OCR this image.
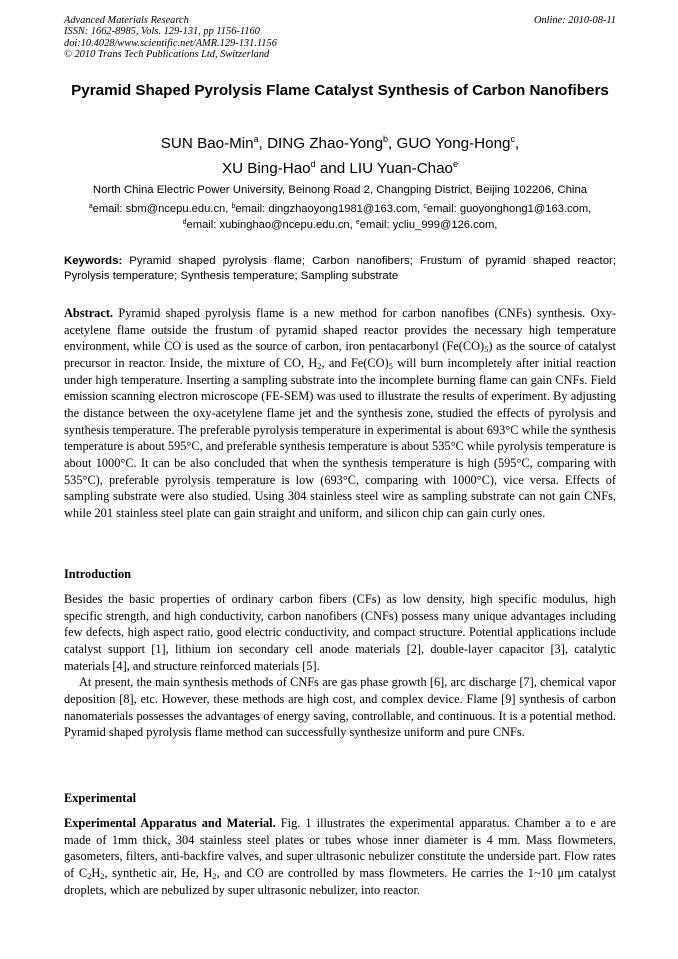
Advanced Materials Research
ISSN: 1662-8985, Vols. 129-131, pp 1156-1160
doi:10.4028/www.scientific.net/AMR.129-131.1156
© 2010 Trans Tech Publications Ltd, Switzerland
Online: 2010-08-11
Pyramid Shaped Pyrolysis Flame Catalyst Synthesis of Carbon Nanofibers
SUN Bao-Min$^a$, DING Zhao-Yong$^b$, GUO Yong-Hong$^c$,
XU Bing-Hao$^d$ and LIU Yuan-Chao$^e$
North China Electric Power University, Beinong Road 2, Changping District, Beijing 102206, China
$^a$email: sbm@ncepu.edu.cn, $^b$email: dingzhaoyong1981@163.com, $^c$email: guoyonghong1@163.com,
$^d$email: xubinghao@ncepu.edu.cn, $^e$email: ycliu_999@126.com,
Keywords: Pyramid shaped pyrolysis flame; Carbon nanofibers; Frustum of pyramid shaped reactor; Pyrolysis temperature; Synthesis temperature; Sampling substrate

Abstract. Pyramid shaped pyrolysis flame is a new method for carbon nanofibes (CNFs) synthesis. Oxy-acetylene flame outside the frustum of pyramid shaped reactor provides the necessary high temperature environment, while CO is used as the source of carbon, iron pentacarbonyl $(Fe(CO)_5)$ as the source of catalyst precursor in reactor. Inside, the mixture of CO, $H_2$, and $Fe(CO)_5$ will burn incompletely after initial reaction under high temperature. Inserting a sampling substrate into the incomplete burning flame can gain CNFs. Field emission scanning electron microscope (FE-SEM) was used to illustrate the results of experiment. By adjusting the distance between the oxy-acetylene flame jet and the synthesis zone, studied the effects of pyrolysis and synthesis temperature. The preferable pyrolysis temperature in experimental is about 693°C while the synthesis temperature is about 595°C, and preferable synthesis temperature is about 535°C while pyrolysis temperature is about 1000°C. It can be also concluded that when the synthesis temperature is high (595°C, comparing with 535°C), preferable pyrolysis temperature is low (693°C, comparing with 1000°C), vice versa. Effects of sampling substrate were also studied. Using 304 stainless steel wire as sampling substrate can not gain CNFs, while 201 stainless steel plate can gain straight and uniform, and silicon chip can gain curly ones.

Introduction

Besides the basic properties of ordinary carbon fibers (CFs) as low density, high specific modulus, high specific strength, and high conductivity, carbon nanofibers (CNFs) possess many unique advantages including few defects, high aspect ratio, good electric conductivity, and compact structure. Potential applications include catalyst support [1], lithium ion secondary cell anode materials [2], double-layer capacitor [3], catalytic materials [4], and structure reinforced materials [5].

At present, the main synthesis methods of CNFs are gas phase growth [6], arc discharge [7], chemical vapor deposition [8], etc. However, these methods are high cost, and complex device. Flame [9] synthesis of carbon nanomaterials possesses the advantages of energy saving, controllable, and continuous. It is a potential method. Pyramid shaped pyrolysis flame method can successfully synthesize uniform and pure CNFs.

Experimental

Experimental Apparatus and Material. Fig. 1 illustrates the experimental apparatus. Chamber a to e are made of 1mm thick, 304 stainless steel plates or tubes whose inner diameter is 4 mm. Mass flowmeters, gasometers, filters, anti-backfire valves, and super ultrasonic nebulizer constitute the underside part. Flow rates of $C_2H_2$, synthetic air, He, $H_2$, and CO are controlled by mass flowmeters. He carries the 1~10 μm catalyst droplets, which are nebulized by super ultrasonic nebulizer, into reactor.
